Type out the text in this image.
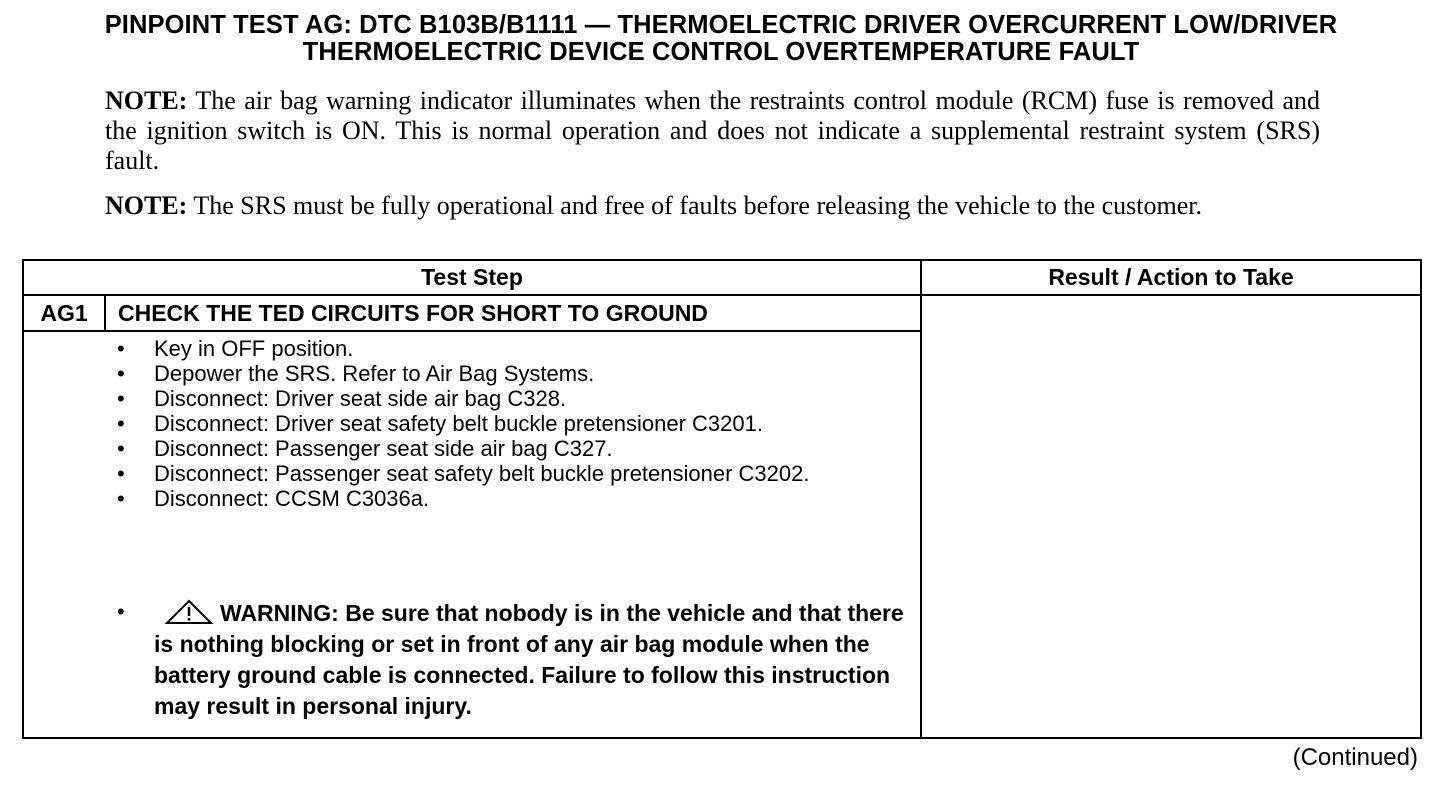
PINPOINT TEST AG: DTC B103B/B1111 — THERMOELECTRIC DRIVER OVERCURRENT LOW/DRIVER
THERMOELECTRIC DEVICE CONTROL OVERTEMPERATURE FAULT
NOTE: The air bag warning indicator illuminates when the restraints control module (RCM) fuse is removed and the ignition switch is ON. This is normal operation and does not indicate a supplemental restraint system (SRS) fault.
NOTE: The SRS must be fully operational and free of faults before releasing the vehicle to the customer.
Test Step	Result / Action to Take
AG1	CHECK THE TED CIRCUITS FOR SHORT TO GROUND
• Key in OFF position.
• Depower the SRS. Refer to Air Bag Systems.
• Disconnect: Driver seat side air bag C328.
• Disconnect: Driver seat safety belt buckle pretensioner C3201.
• Disconnect: Passenger seat side air bag C327.
• Disconnect: Passenger seat safety belt buckle pretensioner C3202.
• Disconnect: CCSM C3036a.
•	WARNING: Be sure that nobody is in the vehicle and that there is nothing blocking or set in front of any air bag module when the battery ground cable is connected. Failure to follow this instruction may result in personal injury.
(Continued)
